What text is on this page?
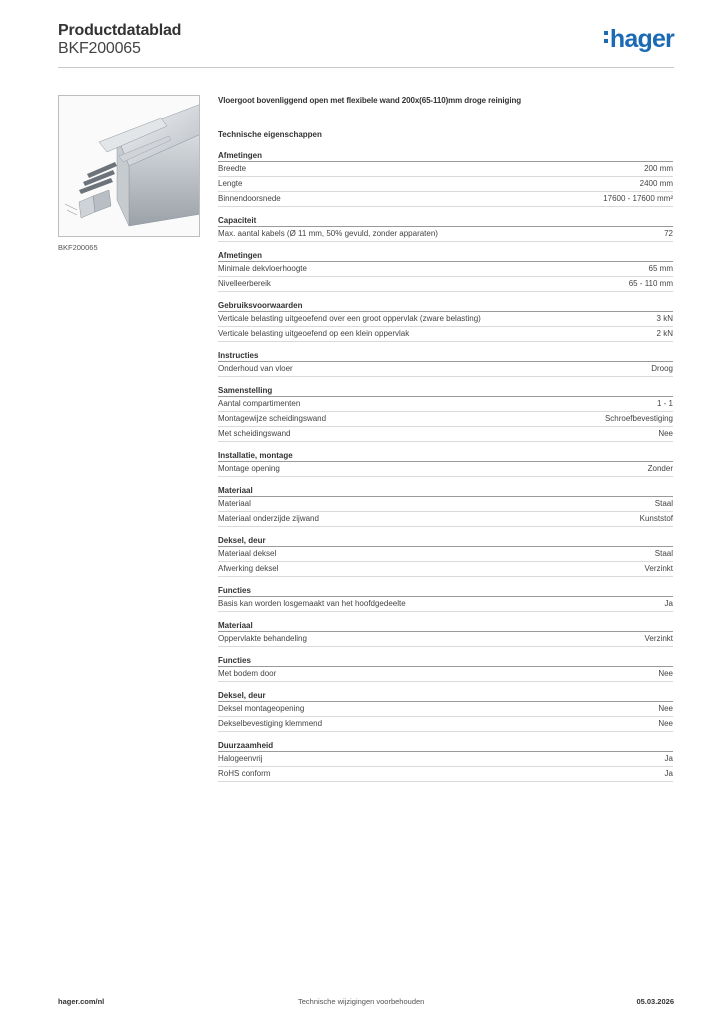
Productdatablad
BKF200065	hager
BKF200065
Vloergoot bovenliggend open met flexibele wand 200x(65-110)mm droge reiniging
Technische eigenschappen
Afmetingen
Breedte	200 mm
Lengte	2400 mm
Binnendoorsnede	17600 - 17600 mm²
Capaciteit
Max. aantal kabels (Ø 11 mm, 50% gevuld, zonder apparaten)	72
Afmetingen
Minimale dekvloerhoogte	65 mm
Nivelleerbereik	65 - 110 mm
Gebruiksvoorwaarden
Verticale belasting uitgeoefend over een groot oppervlak (zware belasting)	3 kN
Verticale belasting uitgeoefend op een klein oppervlak	2 kN
Instructies
Onderhoud van vloer	Droog
Samenstelling
Aantal compartimenten	1 - 1
Montagewijze scheidingswand	Schroefbevestiging
Met scheidingswand	Nee
Installatie, montage
Montage opening	Zonder
Materiaal
Materiaal	Staal
Materiaal onderzijde zijwand	Kunststof
Deksel, deur
Materiaal deksel	Staal
Afwerking deksel	Verzinkt
Functies
Basis kan worden losgemaakt van het hoofdgedeelte	Ja
Materiaal
Oppervlakte behandeling	Verzinkt
Functies
Met bodem door	Nee
Deksel, deur
Deksel montageopening	Nee
Dekselbevestiging klemmend	Nee
Duurzaamheid
Halogeenvrij	Ja
RoHS conform	Ja
hager.com/nl	Technische wijzigingen voorbehouden	05.03.2026
